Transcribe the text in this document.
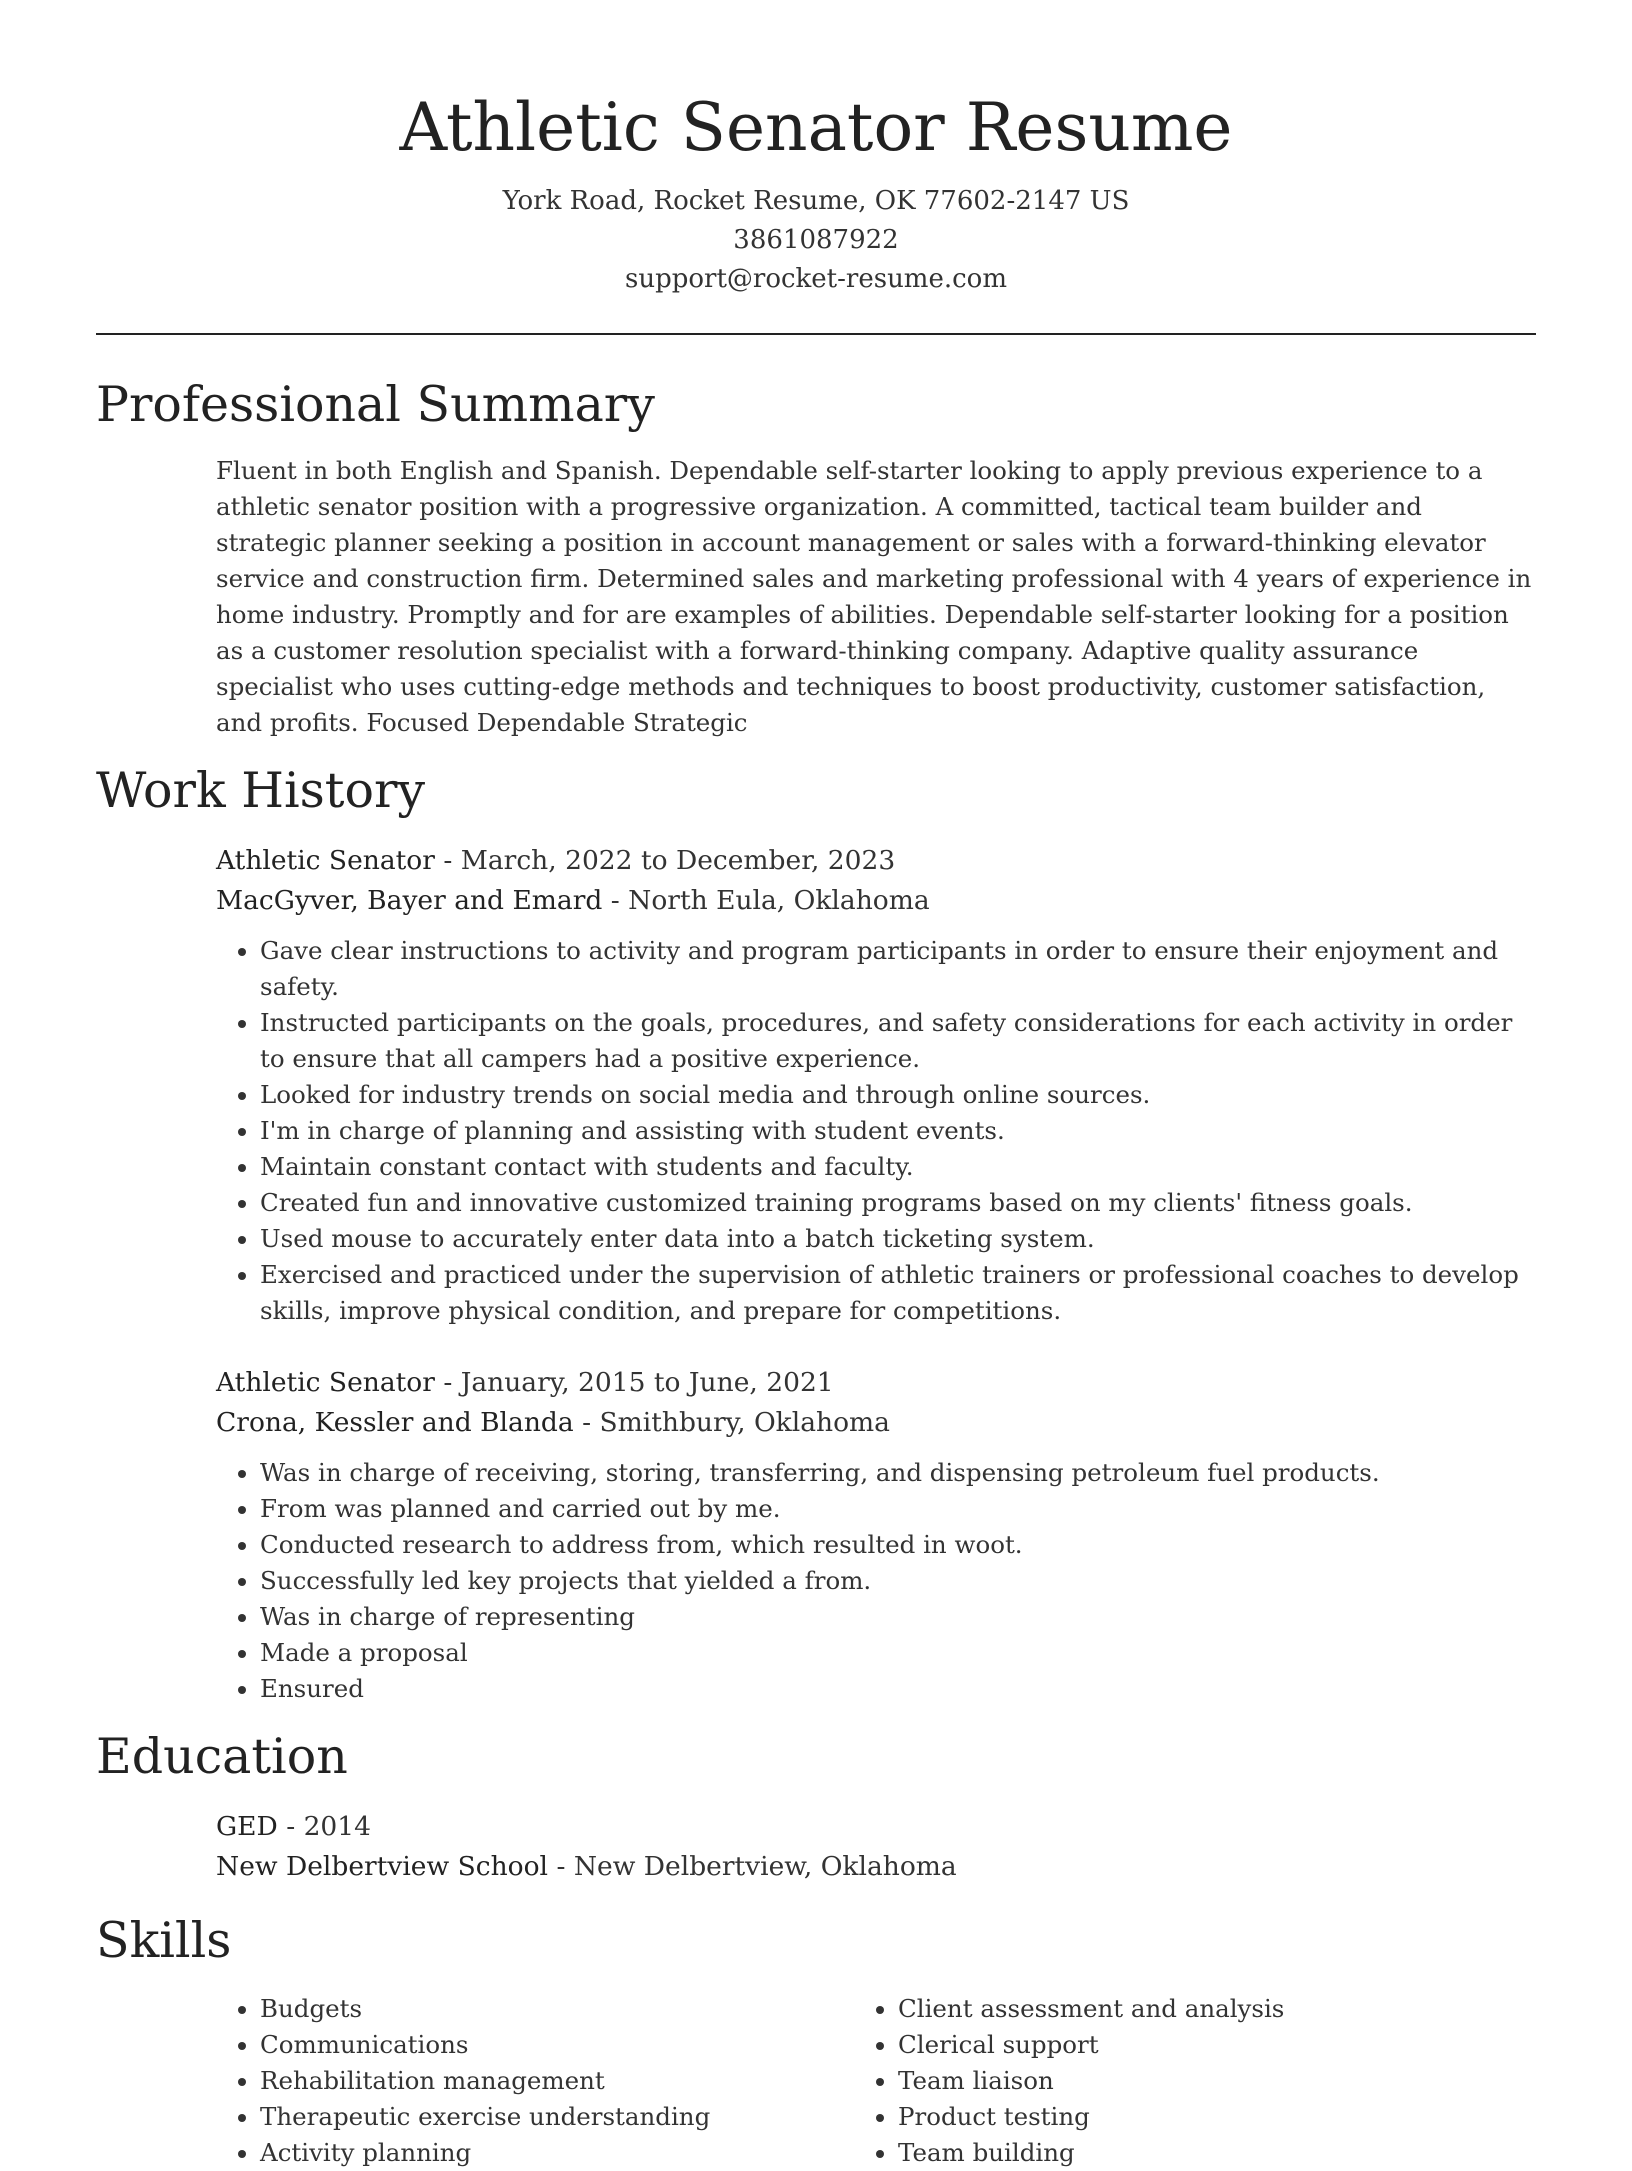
Athletic Senator Resume
York Road, Rocket Resume, OK 77602-2147 US
3861087922
support@rocket-resume.com
Professional Summary

Fluent in both English and Spanish. Dependable self-starter looking to apply previous experience to a athletic senator position with a progressive organization. A committed, tactical team builder and strategic planner seeking a position in account management or sales with a forward-thinking elevator service and construction firm. Determined sales and marketing professional with 4 years of experience in home industry. Promptly and for are examples of abilities. Dependable self-starter looking for a position as a customer resolution specialist with a forward-thinking company. Adaptive quality assurance specialist who uses cutting-edge methods and techniques to boost productivity, customer satisfaction, and profits. Focused Dependable Strategic

Work History
Athletic Senator - March, 2022 to December, 2023
MacGyver, Bayer and Emard - North Eula, Oklahoma
• Gave clear instructions to activity and program participants in order to ensure their enjoyment and safety.
• Instructed participants on the goals, procedures, and safety considerations for each activity in order to ensure that all campers had a positive experience.
• Looked for industry trends on social media and through online sources.
• I'm in charge of planning and assisting with student events.
• Maintain constant contact with students and faculty.
• Created fun and innovative customized training programs based on my clients' fitness goals.
• Used mouse to accurately enter data into a batch ticketing system.
• Exercised and practiced under the supervision of athletic trainers or professional coaches to develop skills, improve physical condition, and prepare for competitions.
Athletic Senator - January, 2015 to June, 2021
Crona, Kessler and Blanda - Smithbury, Oklahoma
• Was in charge of receiving, storing, transferring, and dispensing petroleum fuel products.
• From was planned and carried out by me.
• Conducted research to address from, which resulted in woot.
• Successfully led key projects that yielded a from.
• Was in charge of representing
• Made a proposal
• Ensured
Education
GED - 2014
New Delbertview School - New Delbertview, Oklahoma
Skills
• Budgets
• Communications
• Rehabilitation management
• Therapeutic exercise understanding
• Activity planning
• Client assessment and analysis
• Clerical support
• Team liaison
• Product testing
• Team building
